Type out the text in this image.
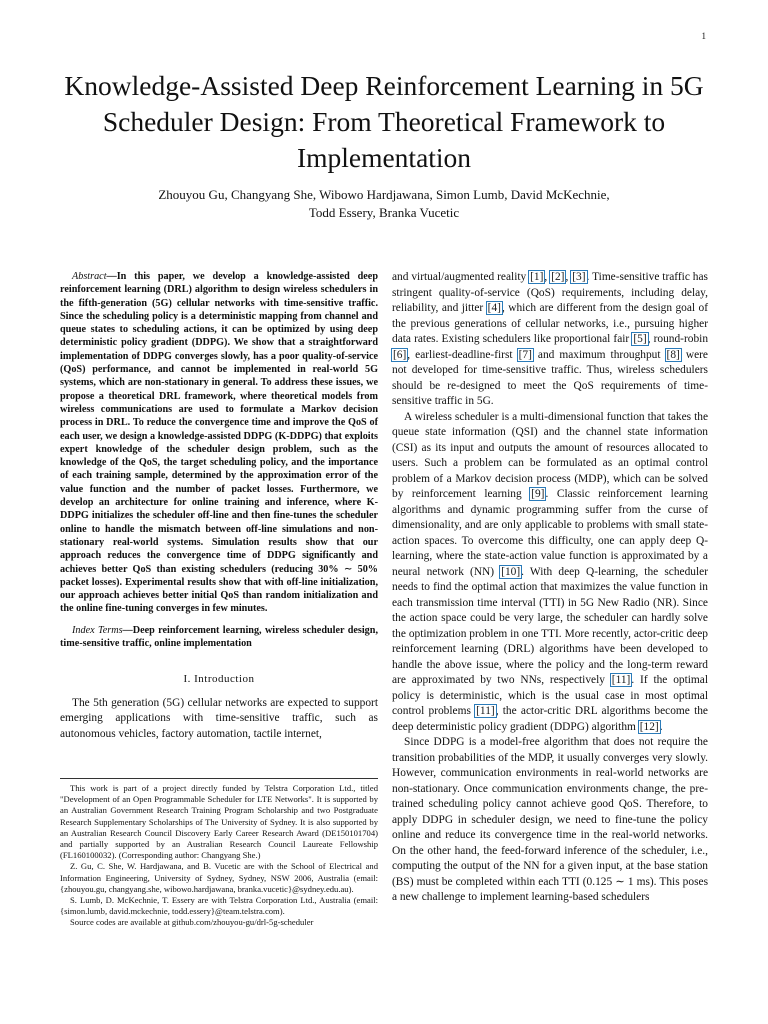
1
Knowledge-Assisted Deep Reinforcement Learning in 5G Scheduler Design: From Theoretical Framework to Implementation
Zhouyou Gu, Changyang She, Wibowo Hardjawana, Simon Lumb, David McKechnie,
Todd Essery, Branka Vucetic

Abstract—In this paper, we develop a knowledge-assisted deep reinforcement learning (DRL) algorithm to design wireless schedulers in the fifth-generation (5G) cellular networks with time-sensitive traffic. Since the scheduling policy is a deterministic mapping from channel and queue states to scheduling actions, it can be optimized by using deep deterministic policy gradient (DDPG). We show that a straightforward implementation of DDPG converges slowly, has a poor quality-of-service (QoS) performance, and cannot be implemented in real-world 5G systems, which are non-stationary in general. To address these issues, we propose a theoretical DRL framework, where theoretical models from wireless communications are used to formulate a Markov decision process in DRL. To reduce the convergence time and improve the QoS of each user, we design a knowledge-assisted DDPG (K-DDPG) that exploits expert knowledge of the scheduler design problem, such as the knowledge of the QoS, the target scheduling policy, and the importance of each training sample, determined by the approximation error of the value function and the number of packet losses. Furthermore, we develop an architecture for online training and inference, where K-DDPG initializes the scheduler off-line and then fine-tunes the scheduler online to handle the mismatch between off-line simulations and non-stationary real-world systems. Simulation results show that our approach reduces the convergence time of DDPG significantly and achieves better QoS than existing schedulers (reducing 30% ∼ 50% packet losses). Experimental results show that with off-line initialization, our approach achieves better initial QoS than random initialization and the online fine-tuning converges in few minutes.

Index Terms—Deep reinforcement learning, wireless scheduler design, time-sensitive traffic, online implementation

I. Introduction

The 5th generation (5G) cellular networks are expected to support emerging applications with time-sensitive traffic, such as autonomous vehicles, factory automation, tactile internet,

This work is part of a project directly funded by Telstra Corporation Ltd., titled "Development of an Open Programmable Scheduler for LTE Networks". It is supported by an Australian Government Research Training Program Scholarship and two Postgraduate Research Supplementary Scholarships of The University of Sydney. It is also supported by an Australian Research Council Discovery Early Career Research Award (DE150101704) and partially supported by an Australian Research Council Laureate Fellowship (FL160100032). (Corresponding author: Changyang She.)

Z. Gu, C. She, W. Hardjawana, and B. Vucetic are with the School of Electrical and Information Engineering, University of Sydney, Sydney, NSW 2006, Australia (email: {zhouyou.gu, changyang.she, wibowo.hardjawana, branka.vucetic}@sydney.edu.au).

S. Lumb, D. McKechnie, T. Essery are with Telstra Corporation Ltd., Australia (email: {simon.lumb, david.mckechnie, todd.essery}@team.telstra.com).

Source codes are available at github.com/zhouyou-gu/drl-5g-scheduler

and virtual/augmented reality [1], [2], [3]. Time-sensitive traffic has stringent quality-of-service (QoS) requirements, including delay, reliability, and jitter [4], which are different from the design goal of the previous generations of cellular networks, i.e., pursuing higher data rates. Existing schedulers like proportional fair [5], round-robin [6], earliest-deadline-first [7] and maximum throughput [8] were not developed for time-sensitive traffic. Thus, wireless schedulers should be re-designed to meet the QoS requirements of time-sensitive traffic in 5G.

A wireless scheduler is a multi-dimensional function that takes the queue state information (QSI) and the channel state information (CSI) as its input and outputs the amount of resources allocated to users. Such a problem can be formulated as an optimal control problem of a Markov decision process (MDP), which can be solved by reinforcement learning [9]. Classic reinforcement learning algorithms and dynamic programming suffer from the curse of dimensionality, and are only applicable to problems with small state-action spaces. To overcome this difficulty, one can apply deep Q-learning, where the state-action value function is approximated by a neural network (NN) [10]. With deep Q-learning, the scheduler needs to find the optimal action that maximizes the value function in each transmission time interval (TTI) in 5G New Radio (NR). Since the action space could be very large, the scheduler can hardly solve the optimization problem in one TTI. More recently, actor-critic deep reinforcement learning (DRL) algorithms have been developed to handle the above issue, where the policy and the long-term reward are approximated by two NNs, respectively [11]. If the optimal policy is deterministic, which is the usual case in most optimal control problems [11], the actor-critic DRL algorithms become the deep deterministic policy gradient (DDPG) algorithm [12].

Since DDPG is a model-free algorithm that does not require the transition probabilities of the MDP, it usually converges very slowly. However, communication environments in real-world networks are non-stationary. Once communication environments change, the pre-trained scheduling policy cannot achieve good QoS. Therefore, to apply DDPG in scheduler design, we need to fine-tune the policy online and reduce its convergence time in the real-world networks. On the other hand, the feed-forward inference of the scheduler, i.e., computing the output of the NN for a given input, at the base station (BS) must be completed within each TTI (0.125 ∼ 1 ms). This poses a new challenge to implement learning-based schedulers
